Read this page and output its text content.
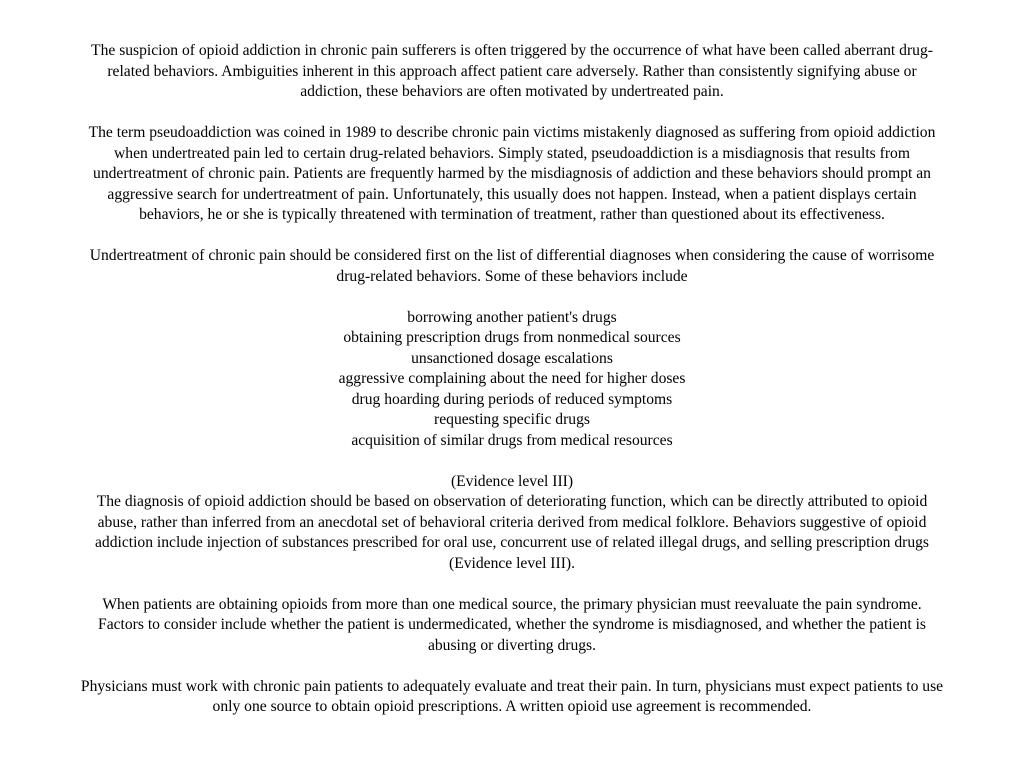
The suspicion of opioid addiction in chronic pain sufferers is often triggered by the occurrence of what have been called aberrant drug-related behaviors. Ambiguities inherent in this approach affect patient care adversely. Rather than consistently signifying abuse or addiction, these behaviors are often motivated by undertreated pain.

The term pseudoaddiction was coined in 1989 to describe chronic pain victims mistakenly diagnosed as suffering from opioid addiction when undertreated pain led to certain drug-related behaviors. Simply stated, pseudoaddiction is a misdiagnosis that results from undertreatment of chronic pain. Patients are frequently harmed by the misdiagnosis of addiction and these behaviors should prompt an aggressive search for undertreatment of pain. Unfortunately, this usually does not happen. Instead, when a patient displays certain behaviors, he or she is typically threatened with termination of treatment, rather than questioned about its effectiveness.

Undertreatment of chronic pain should be considered first on the list of differential diagnoses when considering the cause of worrisome drug-related behaviors. Some of these behaviors include

borrowing another patient's drugs
obtaining prescription drugs from nonmedical sources
unsanctioned dosage escalations
aggressive complaining about the need for higher doses
drug hoarding during periods of reduced symptoms
requesting specific drugs
acquisition of similar drugs from medical resources

(Evidence level III)
The diagnosis of opioid addiction should be based on observation of deteriorating function, which can be directly attributed to opioid abuse, rather than inferred from an anecdotal set of behavioral criteria derived from medical folklore. Behaviors suggestive of opioid addiction include injection of substances prescribed for oral use, concurrent use of related illegal drugs, and selling prescription drugs (Evidence level III).

When patients are obtaining opioids from more than one medical source, the primary physician must reevaluate the pain syndrome. Factors to consider include whether the patient is undermedicated, whether the syndrome is misdiagnosed, and whether the patient is abusing or diverting drugs.

Physicians must work with chronic pain patients to adequately evaluate and treat their pain. In turn, physicians must expect patients to use only one source to obtain opioid prescriptions. A written opioid use agreement is recommended.
